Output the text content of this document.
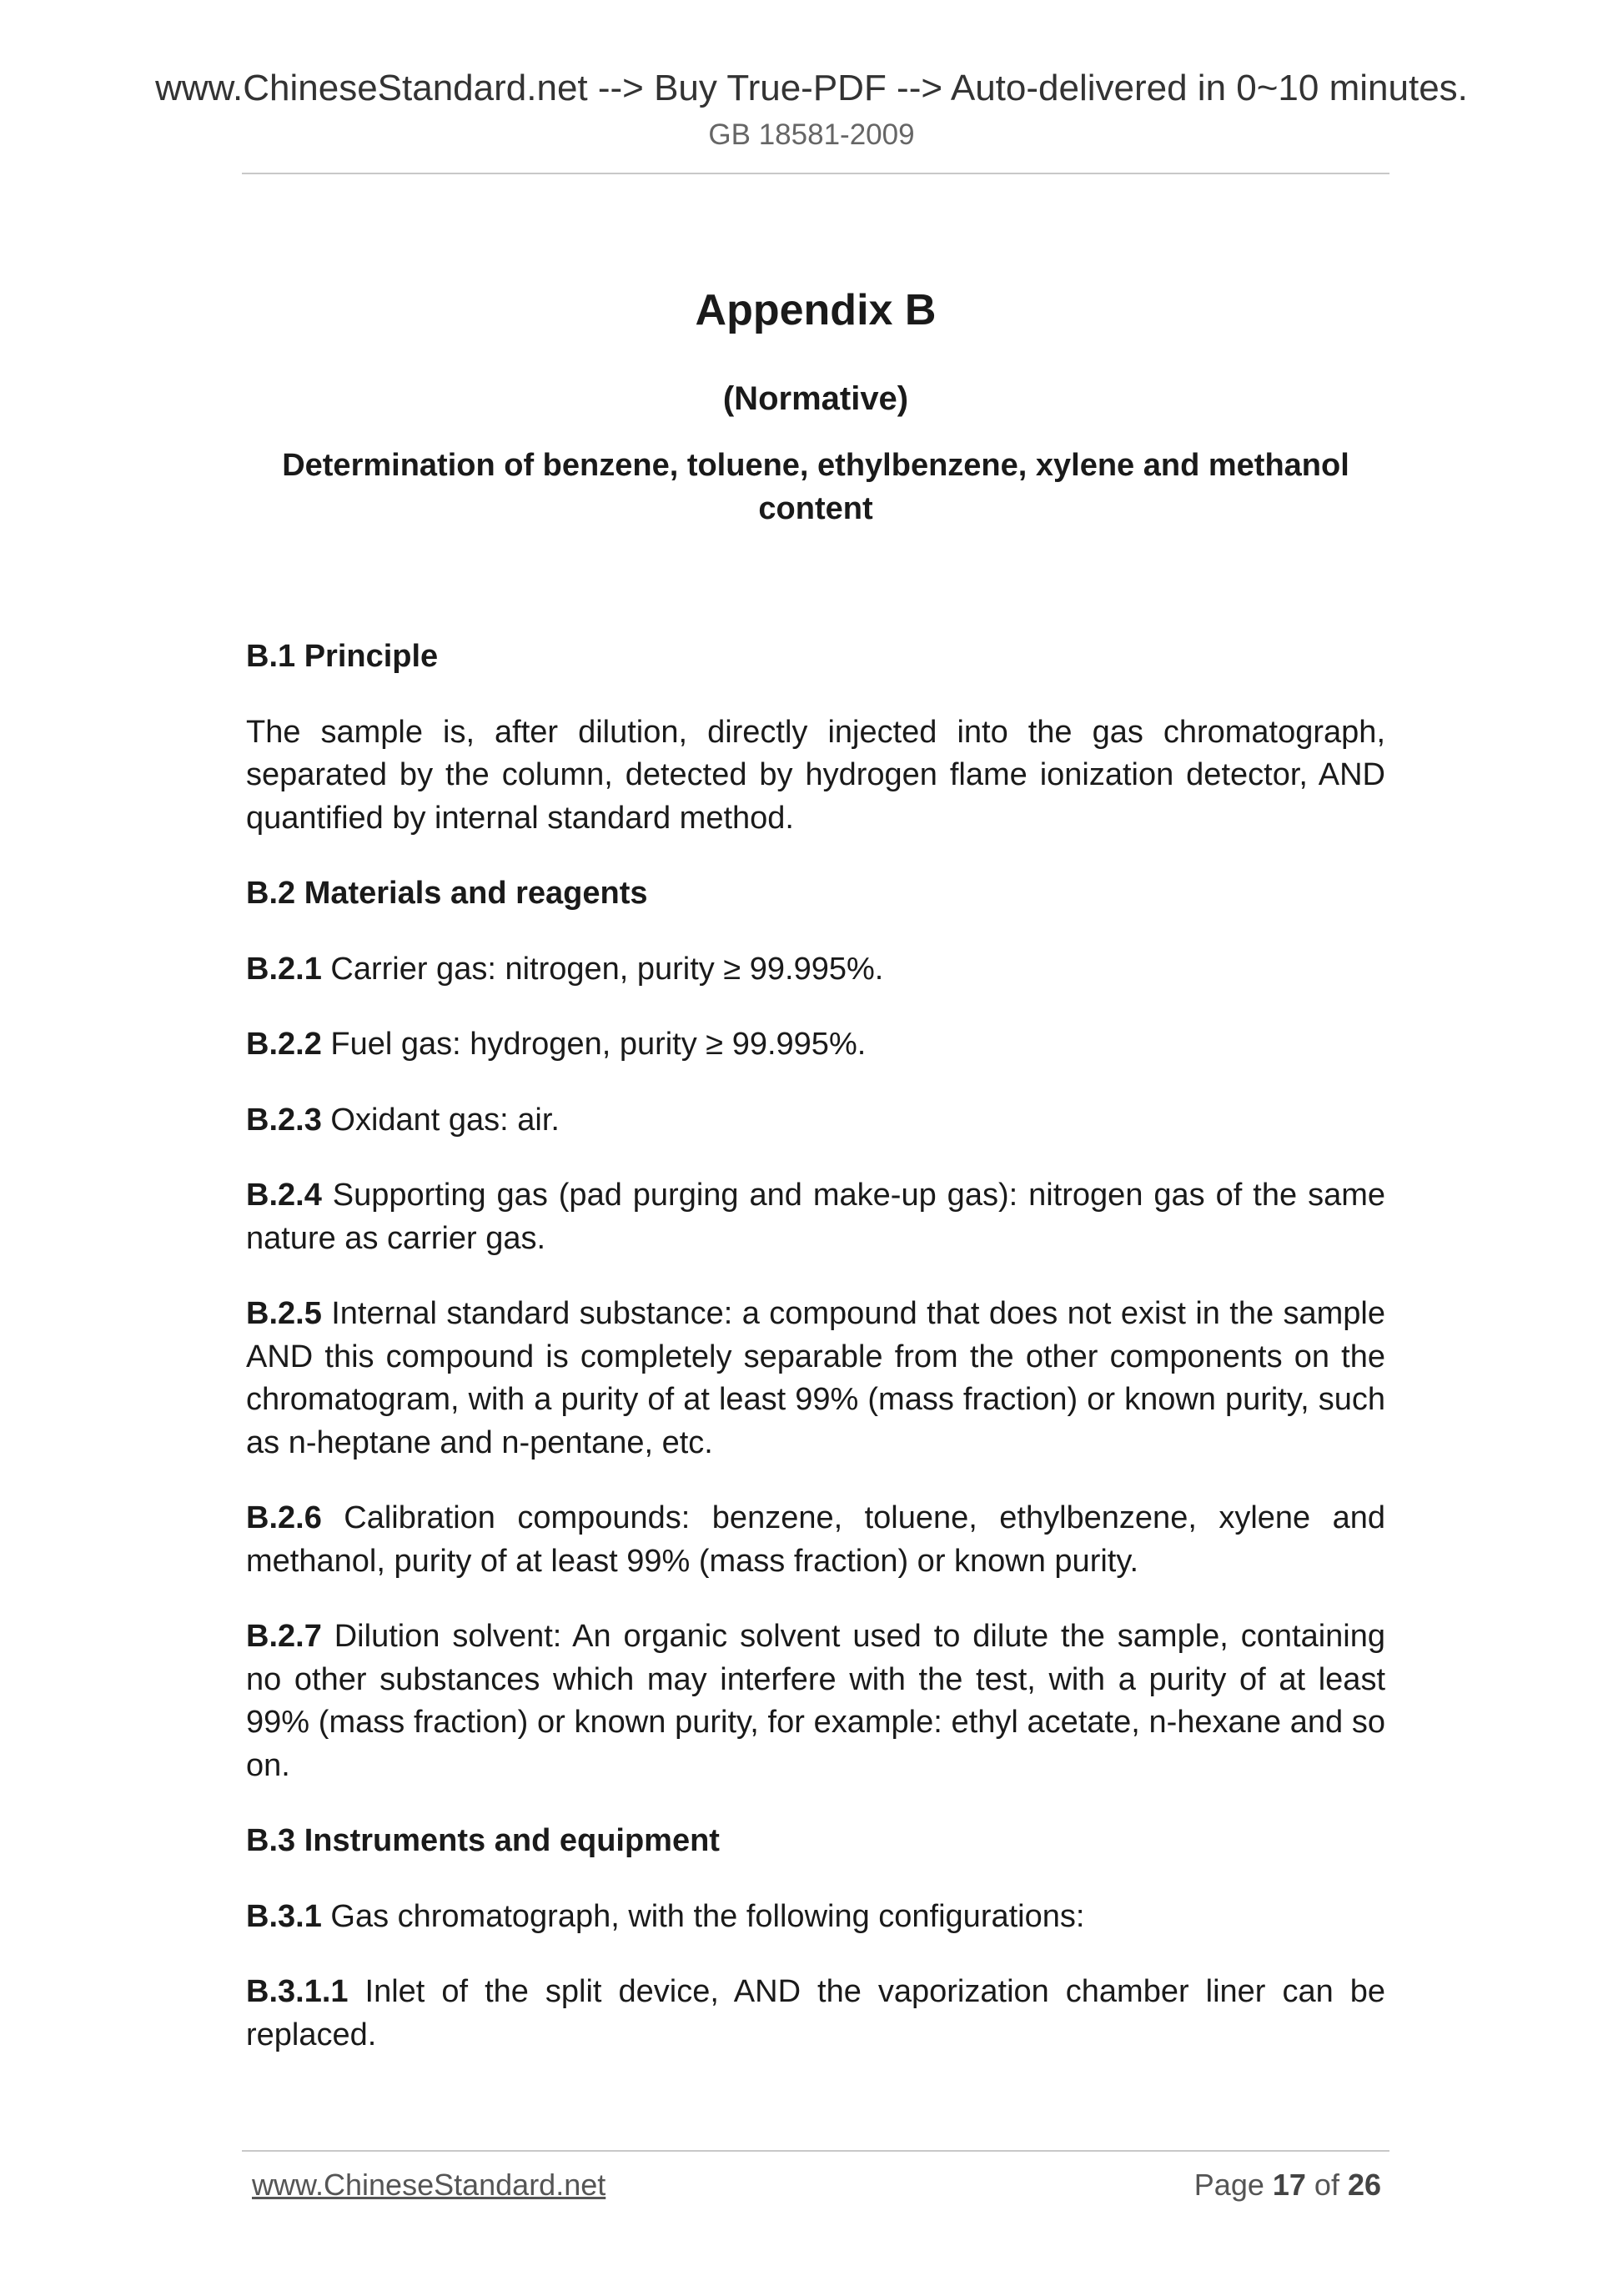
www.ChineseStandard.net --> Buy True-PDF --> Auto-delivered in 0~10 minutes.
GB 18581-2009
Appendix B
(Normative)
Determination of benzene, toluene, ethylbenzene, xylene and methanol content

B.1 Principle

The sample is, after dilution, directly injected into the gas chromatograph, separated by the column, detected by hydrogen flame ionization detector, AND quantified by internal standard method.

B.2 Materials and reagents

B.2.1 Carrier gas: nitrogen, purity ≥ 99.995%.

B.2.2 Fuel gas: hydrogen, purity ≥ 99.995%.

B.2.3 Oxidant gas: air.

B.2.4 Supporting gas (pad purging and make-up gas): nitrogen gas of the same nature as carrier gas.

B.2.5 Internal standard substance: a compound that does not exist in the sample AND this compound is completely separable from the other components on the chromatogram, with a purity of at least 99% (mass fraction) or known purity, such as n-heptane and n-pentane, etc.

B.2.6 Calibration compounds: benzene, toluene, ethylbenzene, xylene and methanol, purity of at least 99% (mass fraction) or known purity.

B.2.7 Dilution solvent: An organic solvent used to dilute the sample, containing no other substances which may interfere with the test, with a purity of at least 99% (mass fraction) or known purity, for example: ethyl acetate, n-hexane and so on.

B.3 Instruments and equipment

B.3.1 Gas chromatograph, with the following configurations:

B.3.1.1 Inlet of the split device, AND the vaporization chamber liner can be replaced.

www.ChineseStandard.net	Page 17 of 26
